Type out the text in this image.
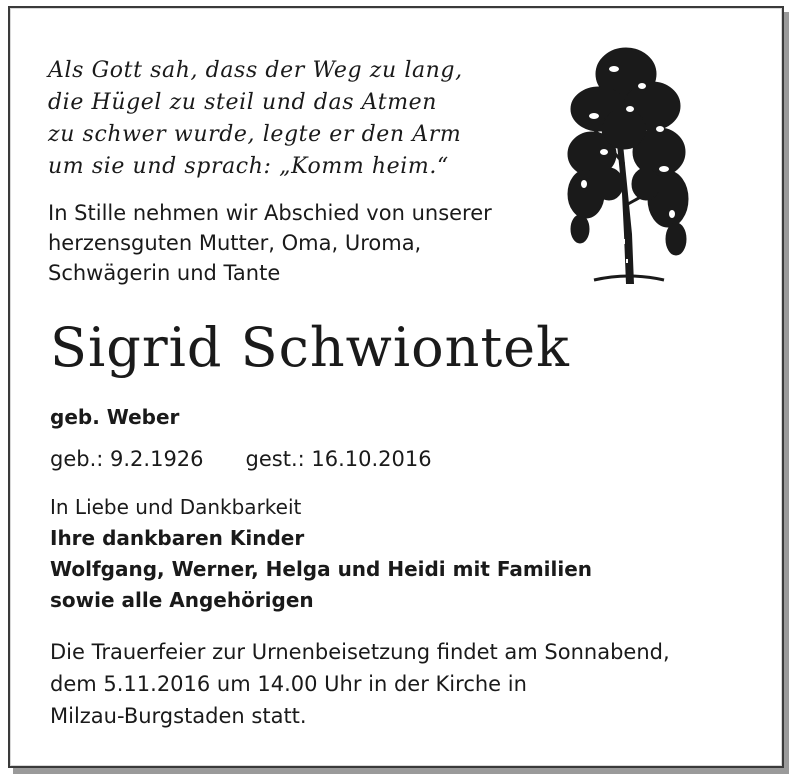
Als Gott sah, dass der Weg zu lang,
die Hügel zu steil und das Atmen
zu schwer wurde, legte er den Arm
um sie und sprach: „Komm heim.“
In Stille nehmen wir Abschied von unserer
herzensguten Mutter, Oma, Uroma,
Schwägerin und Tante
Sigrid Schwiontek
geb. Weber
geb.: 9.2.1926 gest.: 16.10.2016
In Liebe und Dankbarkeit
Ihre dankbaren Kinder
Wolfgang, Werner, Helga und Heidi mit Familien
sowie alle Angehörigen
Die Trauerfeier zur Urnenbeisetzung findet am Sonnabend,
dem 5.11.2016 um 14.00 Uhr in der Kirche in
Milzau-Burgstaden statt.
